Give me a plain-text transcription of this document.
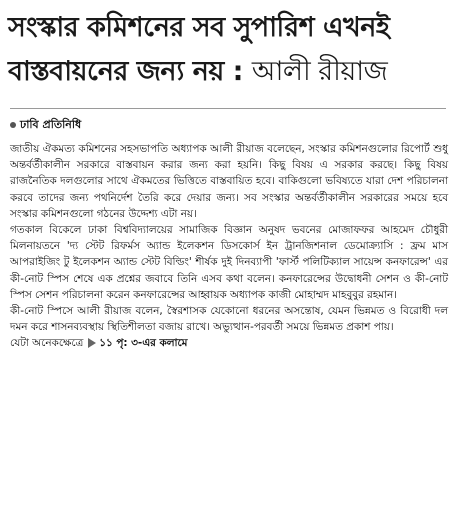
সংস্কার কমিশনের সব সুপারিশ এখনই
বাস্তবায়নের জন্য নয় : আলী রীয়াজ
ঢাবি প্রতিনিধি

জাতীয় ঐকমত্য কমিশনের সহসভাপতি অধ্যাপক আলী রীয়াজ বলেছেন, সংস্কার কমিশনগুলোর রিপোর্ট শুধু অন্তর্বর্তীকালীন সরকারে বাস্তবায়ন করার জন্য করা হয়নি। কিছু বিষয় এ সরকার করছে। কিছু বিষয় রাজনৈতিক দলগুলোর সাথে ঐকমতের ভিত্তিতে বাস্তবায়িত হবে। বাকিগুলো ভবিষ্যতে যারা দেশ পরিচালনা করবে তাদের জন্য পথনির্দেশ তৈরি করে দেয়ার জন্য। সব সংস্কার অন্তর্বর্তীকালীন সরকারের সময়ে হবে সংস্কার কমিশনগুলো গঠনের উদ্দেশ্য এটা নয়।

গতকাল বিকেলে ঢাকা বিশ্ববিদ্যালয়ের সামাজিক বিজ্ঞান অনুষদ ভবনের মোজাফফর আহমেদ চৌধুরী মিলনায়তনে 'দ্য স্টেট রিফর্মস অ্যান্ড ইলেকশন ডিসকোর্স ইন ট্রানজিশনাল ডেমোক্র্যাসি : ফ্রম মাস আপরাইজিং টু ইলেকশন অ্যান্ড স্টেট বিল্ডিং' শীর্ষক দুই দিনব্যাপী 'ফার্স্ট পলিটিক্যাল সায়েন্স কনফারেন্স' এর কী-নোট স্পিস শেষে এক প্রশ্নের জবাবে তিনি এসব কথা বলেন। কনফারেন্সের উদ্বোধনী সেশন ও কী-নোট স্পিস সেশন পরিচালনা করেন কনফারেন্সের আহ্বায়ক অধ্যাপক কাজী মোহাম্মদ মাহবুবুর রহমান।

কী-নোট স্পিসে আলী রীয়াজ বলেন, স্বৈরশাসক যেকোনো ধরনের অসন্তোষ, যেমন ভিন্নমত ও বিরোধী দল দমন করে শাসনব্যবস্থায় স্থিতিশীলতা বজায় রাখে। অভ্যুত্থান-পরবর্তী সময়ে ভিন্নমত প্রকাশ পায়।

যেটা অনেকক্ষেত্রে ১১ পৃ: ৩-এর কলামে
